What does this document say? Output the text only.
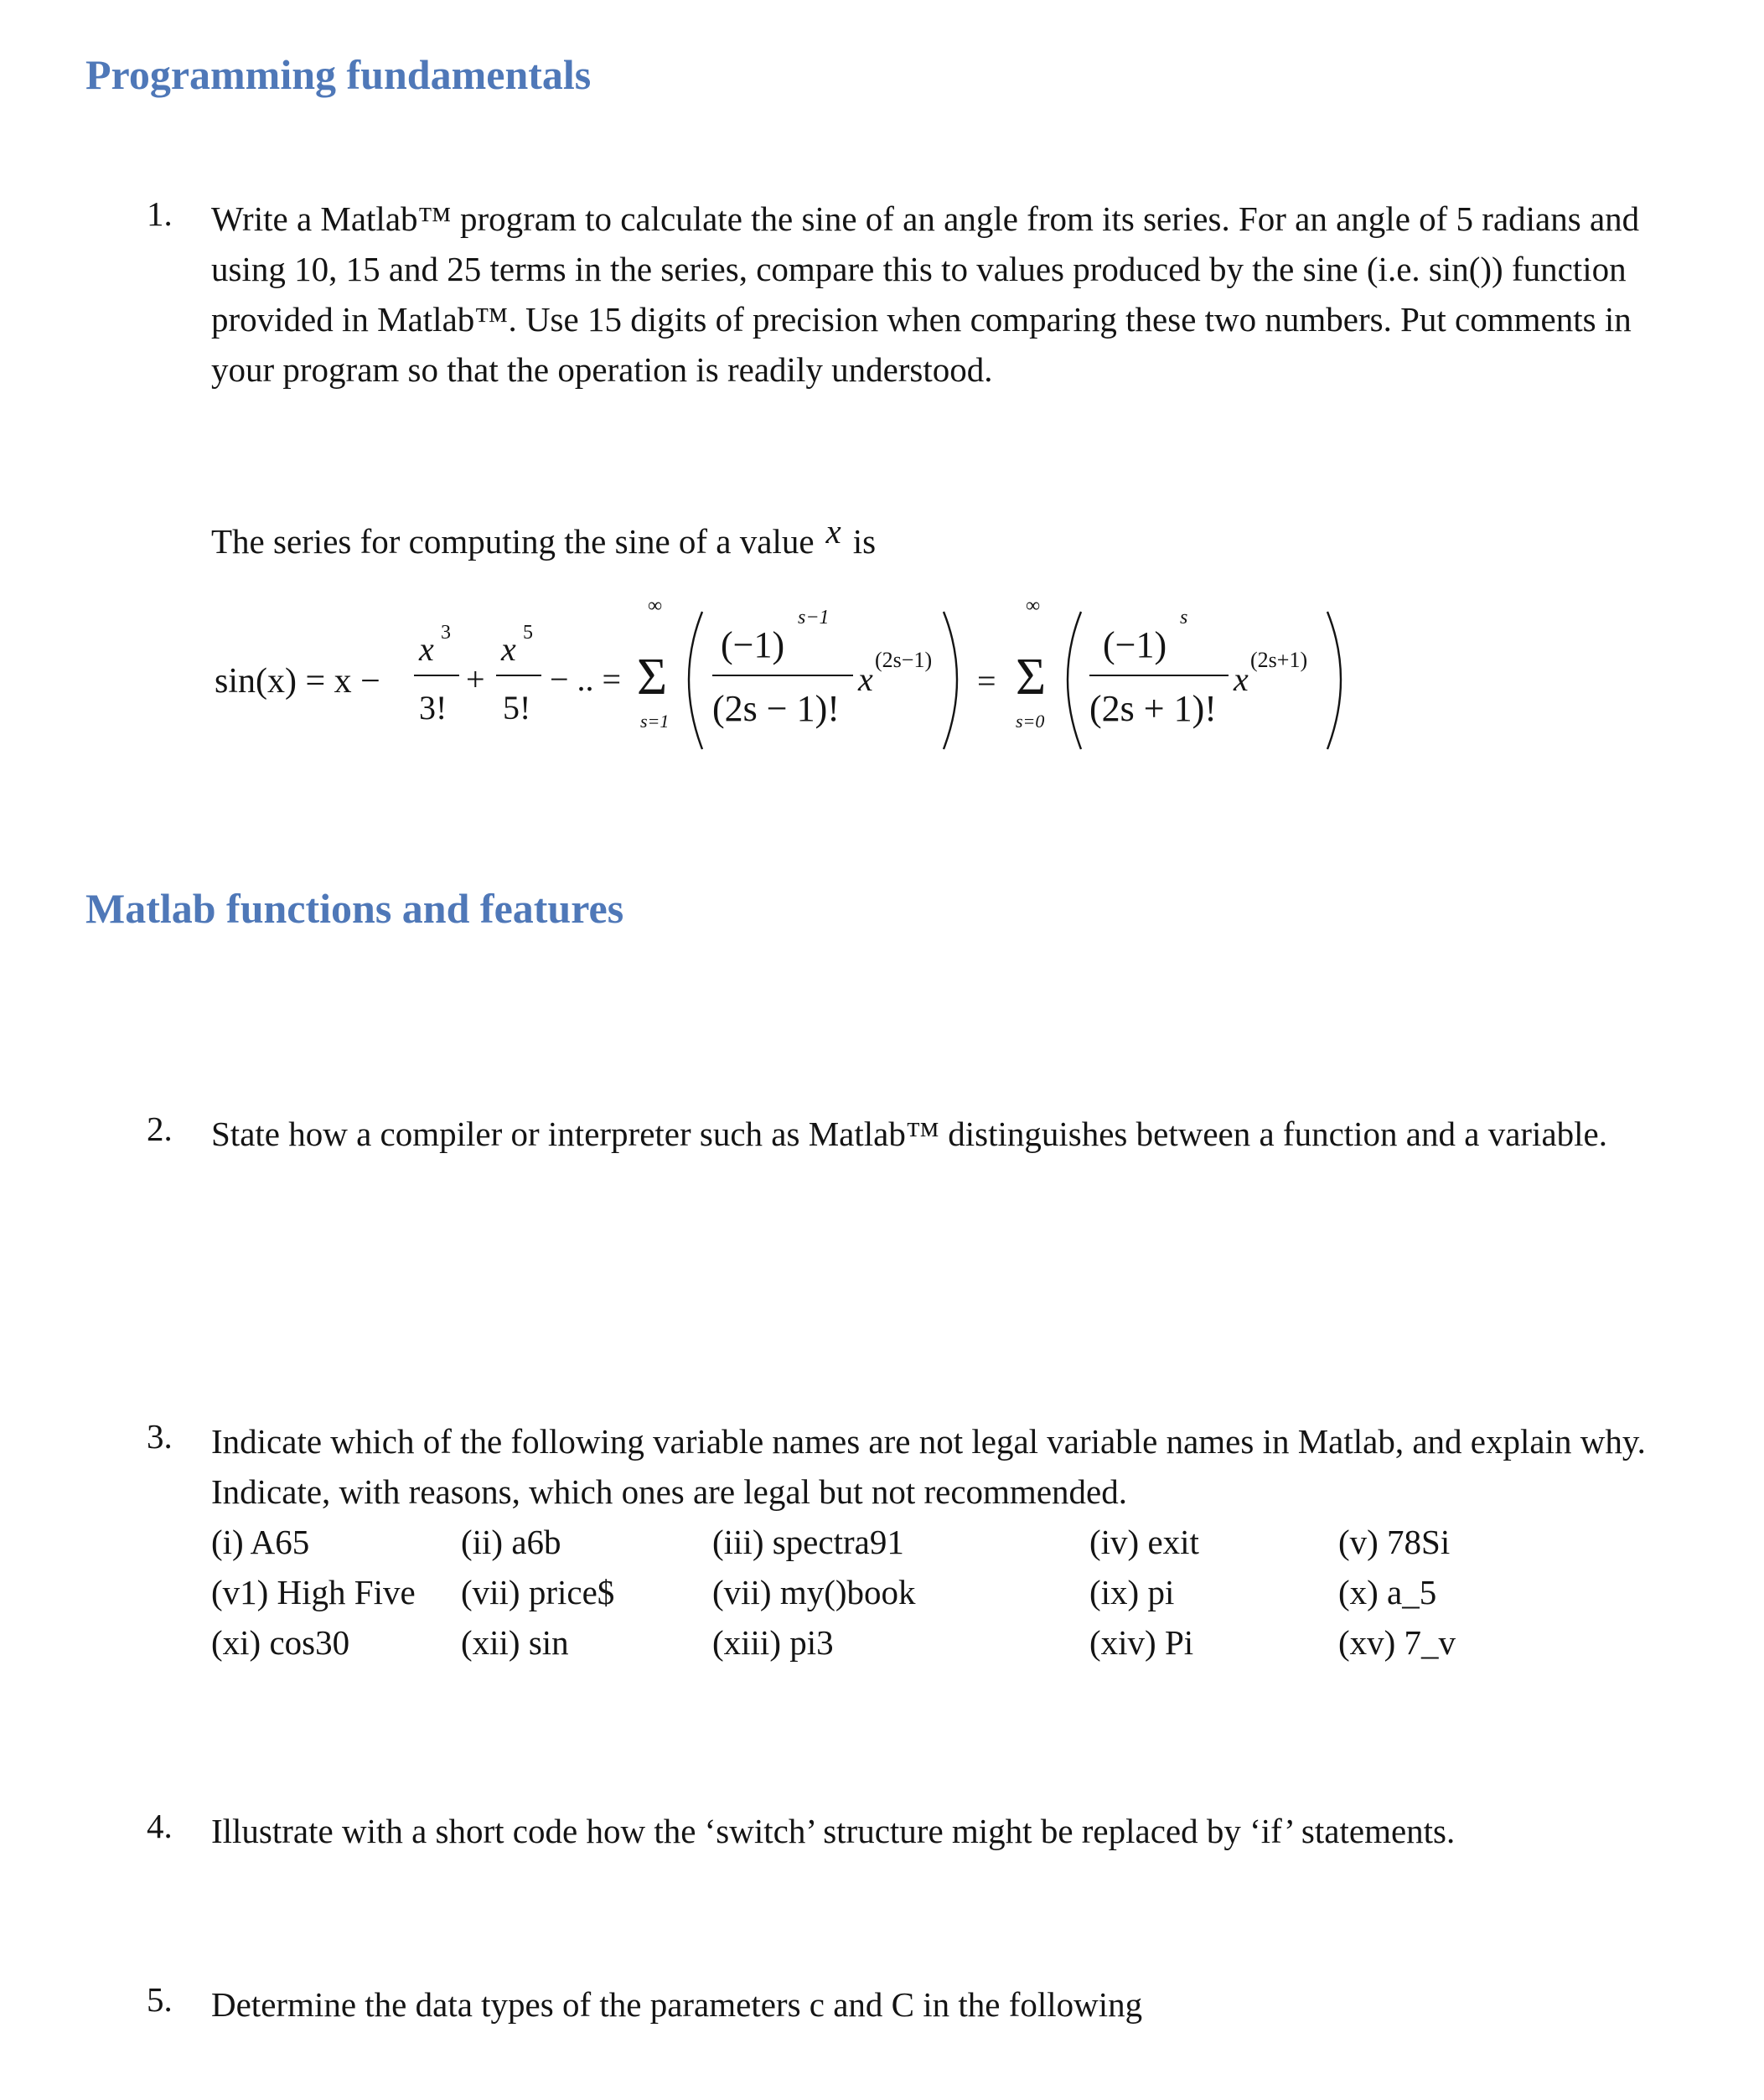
Programming fundamentals
1. Write a Matlab™ program to calculate the sine of an angle from its series. For an angle of 5 radians and using 10, 15 and 25 terms in the series, compare this to values produced by the sine (i.e. sin()) function provided in Matlab™. Use 15 digits of precision when comparing these two numbers. Put comments in your program so that the operation is readily understood.
The series for computing the sine of a value x is
sin(x) = x −
x 3
3!
+
x 5
5!
− .. =
∞
Σ
s=1
(−1)
s−1
(2s − 1)!
x
(2s−1)
=
∞
Σ
s=0
(−1)
s
(2s + 1)!
x
(2s+1)
Matlab functions and features
2. State how a compiler or interpreter such as Matlab™ distinguishes between a function and a variable.
3. Indicate which of the following variable names are not legal variable names in Matlab, and explain why. Indicate, with reasons, which ones are legal but not recommended.
(i) A65	(ii) a6b	(iii) spectra91	(iv) exit	(v) 78Si
(v1) High Five (vii) price$	(vii) my()book	(ix) pi	(x) a_5
(xi) cos30	(xii) sin	(xiii) pi3	(xiv) Pi	(xv) 7_v
4. Illustrate with a short code how the ‘switch’ structure might be replaced by ‘if’ statements.
5. Determine the data types of the parameters c and C in the following
